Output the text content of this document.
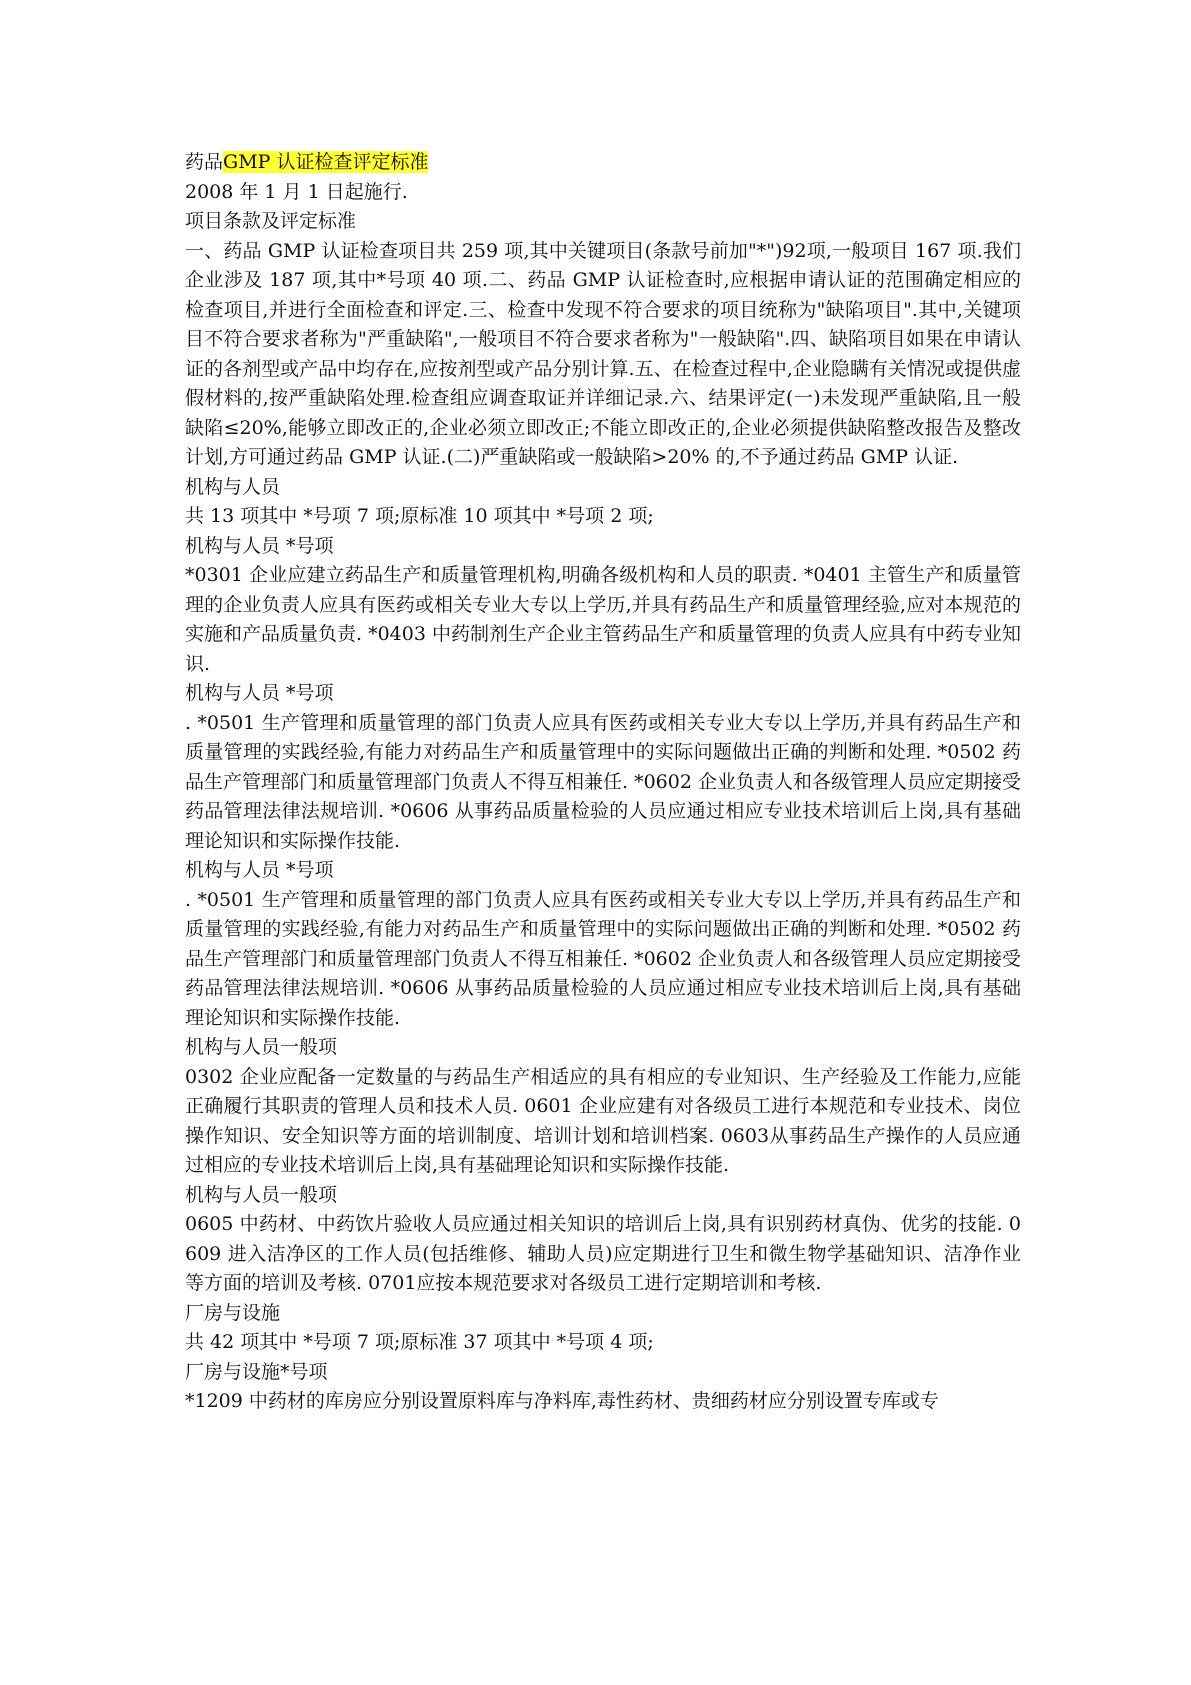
药品GMP 认证检查评定标准

2008 年 1 月 1 日起施行.

项目条款及评定标准

一、药品 GMP 认证检查项目共 259 项,其中关键项目(条款号前加"*")92项,一般项目 167 项.我们企业涉及 187 项,其中*号项 40 项.二、药品 GMP 认证检查时,应根据申请认证的范围确定相应的检查项目,并进行全面检查和评定.三、检查中发现不符合要求的项目统称为"缺陷项目".其中,关键项目不符合要求者称为"严重缺陷",一般项目不符合要求者称为"一般缺陷".四、缺陷项目如果在申请认证的各剂型或产品中均存在,应按剂型或产品分别计算.五、在检查过程中,企业隐瞒有关情况或提供虚假材料的,按严重缺陷处理.检查组应调查取证并详细记录.六、结果评定(一)未发现严重缺陷,且一般缺陷≤20%,能够立即改正的,企业必须立即改正;不能立即改正的,企业必须提供缺陷整改报告及整改计划,方可通过药品 GMP 认证.(二)严重缺陷或一般缺陷>20% 的,不予通过药品 GMP 认证.

机构与人员

共 13 项其中 *号项 7 项;原标准 10 项其中 *号项 2 项;

机构与人员 *号项

*0301 企业应建立药品生产和质量管理机构,明确各级机构和人员的职责. *0401 主管生产和质量管理的企业负责人应具有医药或相关专业大专以上学历,并具有药品生产和质量管理经验,应对本规范的实施和产品质量负责. *0403 中药制剂生产企业主管药品生产和质量管理的负责人应具有中药专业知识.

机构与人员 *号项

. *0501 生产管理和质量管理的部门负责人应具有医药或相关专业大专以上学历,并具有药品生产和质量管理的实践经验,有能力对药品生产和质量管理中的实际问题做出正确的判断和处理. *0502 药品生产管理部门和质量管理部门负责人不得互相兼任. *0602 企业负责人和各级管理人员应定期接受药品管理法律法规培训. *0606 从事药品质量检验的人员应通过相应专业技术培训后上岗,具有基础理论知识和实际操作技能.

机构与人员 *号项

. *0501 生产管理和质量管理的部门负责人应具有医药或相关专业大专以上学历,并具有药品生产和质量管理的实践经验,有能力对药品生产和质量管理中的实际问题做出正确的判断和处理. *0502 药品生产管理部门和质量管理部门负责人不得互相兼任. *0602 企业负责人和各级管理人员应定期接受药品管理法律法规培训. *0606 从事药品质量检验的人员应通过相应专业技术培训后上岗,具有基础理论知识和实际操作技能.

机构与人员一般项

0302 企业应配备一定数量的与药品生产相适应的具有相应的专业知识、生产经验及工作能力,应能正确履行其职责的管理人员和技术人员. 0601 企业应建有对各级员工进行本规范和专业技术、岗位操作知识、安全知识等方面的培训制度、培训计划和培训档案. 0603从事药品生产操作的人员应通过相应的专业技术培训后上岗,具有基础理论知识和实际操作技能.

机构与人员一般项

0605 中药材、中药饮片验收人员应通过相关知识的培训后上岗,具有识别药材真伪、优劣的技能. 0609 进入洁净区的工作人员(包括维修、辅助人员)应定期进行卫生和微生物学基础知识、洁净作业等方面的培训及考核. 0701应按本规范要求对各级员工进行定期培训和考核.

厂房与设施

共 42 项其中 *号项 7 项;原标准 37 项其中 *号项 4 项;

厂房与设施*号项

*1209 中药材的库房应分别设置原料库与净料库,毒性药材、贵细药材应分别设置专库或专
